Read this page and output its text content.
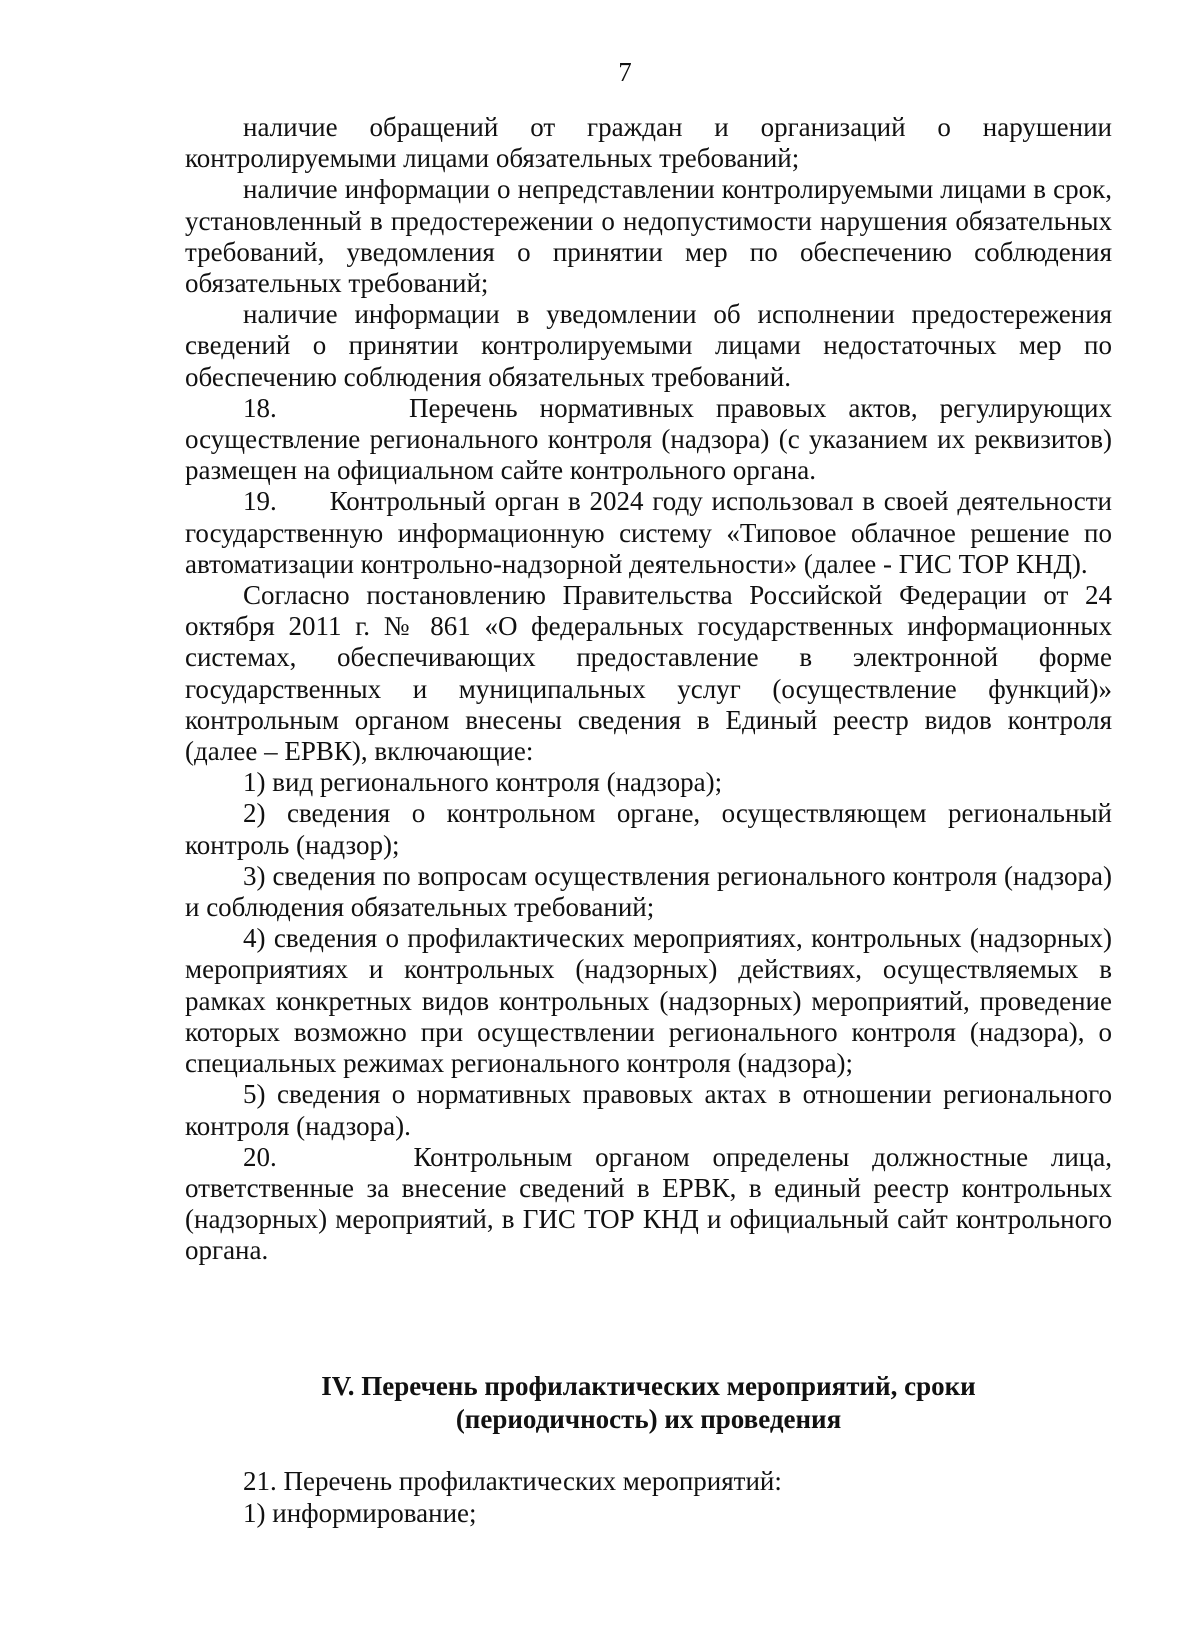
7

наличие обращений от граждан и организаций о нарушении контролируемыми лицами обязательных требований;

наличие информации о непредставлении контролируемыми лицами в срок, установленный в предостережении о недопустимости нарушения обязательных требований, уведомления о принятии мер по обеспечению соблюдения обязательных требований;

наличие информации в уведомлении об исполнении предостережения сведений о принятии контролируемыми лицами недостаточных мер по обеспечению соблюдения обязательных требований.

18.      Перечень нормативных правовых актов, регулирующих осуществление регионального контроля (надзора) (с указанием их реквизитов) размещен на официальном сайте контрольного органа.

19.      Контрольный орган в 2024 году использовал в своей деятельности государственную информационную систему «Типовое облачное решение по автоматизации контрольно-надзорной деятельности» (далее - ГИС ТОР КНД).

Согласно постановлению Правительства Российской Федерации от 24 октября 2011 г. № 861 «О федеральных государственных информационных системах, обеспечивающих предоставление в электронной форме государственных и муниципальных услуг (осуществление функций)» контрольным органом внесены сведения в Единый реестр видов контроля (далее – ЕРВК), включающие:

1) вид регионального контроля (надзора);

2) сведения о контрольном органе, осуществляющем региональный контроль (надзор);

3) сведения по вопросам осуществления регионального контроля (надзора) и соблюдения обязательных требований;

4) сведения о профилактических мероприятиях, контрольных (надзорных) мероприятиях и контрольных (надзорных) действиях, осуществляемых в рамках конкретных видов контрольных (надзорных) мероприятий, проведение которых возможно при осуществлении регионального контроля (надзора), о специальных режимах регионального контроля (надзора);

5) сведения о нормативных правовых актах в отношении регионального контроля (надзора).

20.      Контрольным органом определены должностные лица, ответственные за внесение сведений в ЕРВК, в единый реестр контрольных (надзорных) мероприятий, в ГИС ТОР КНД и официальный сайт контрольного органа.

IV. Перечень профилактических мероприятий, сроки
(периодичность) их проведения

21. Перечень профилактических мероприятий:

1) информирование;
